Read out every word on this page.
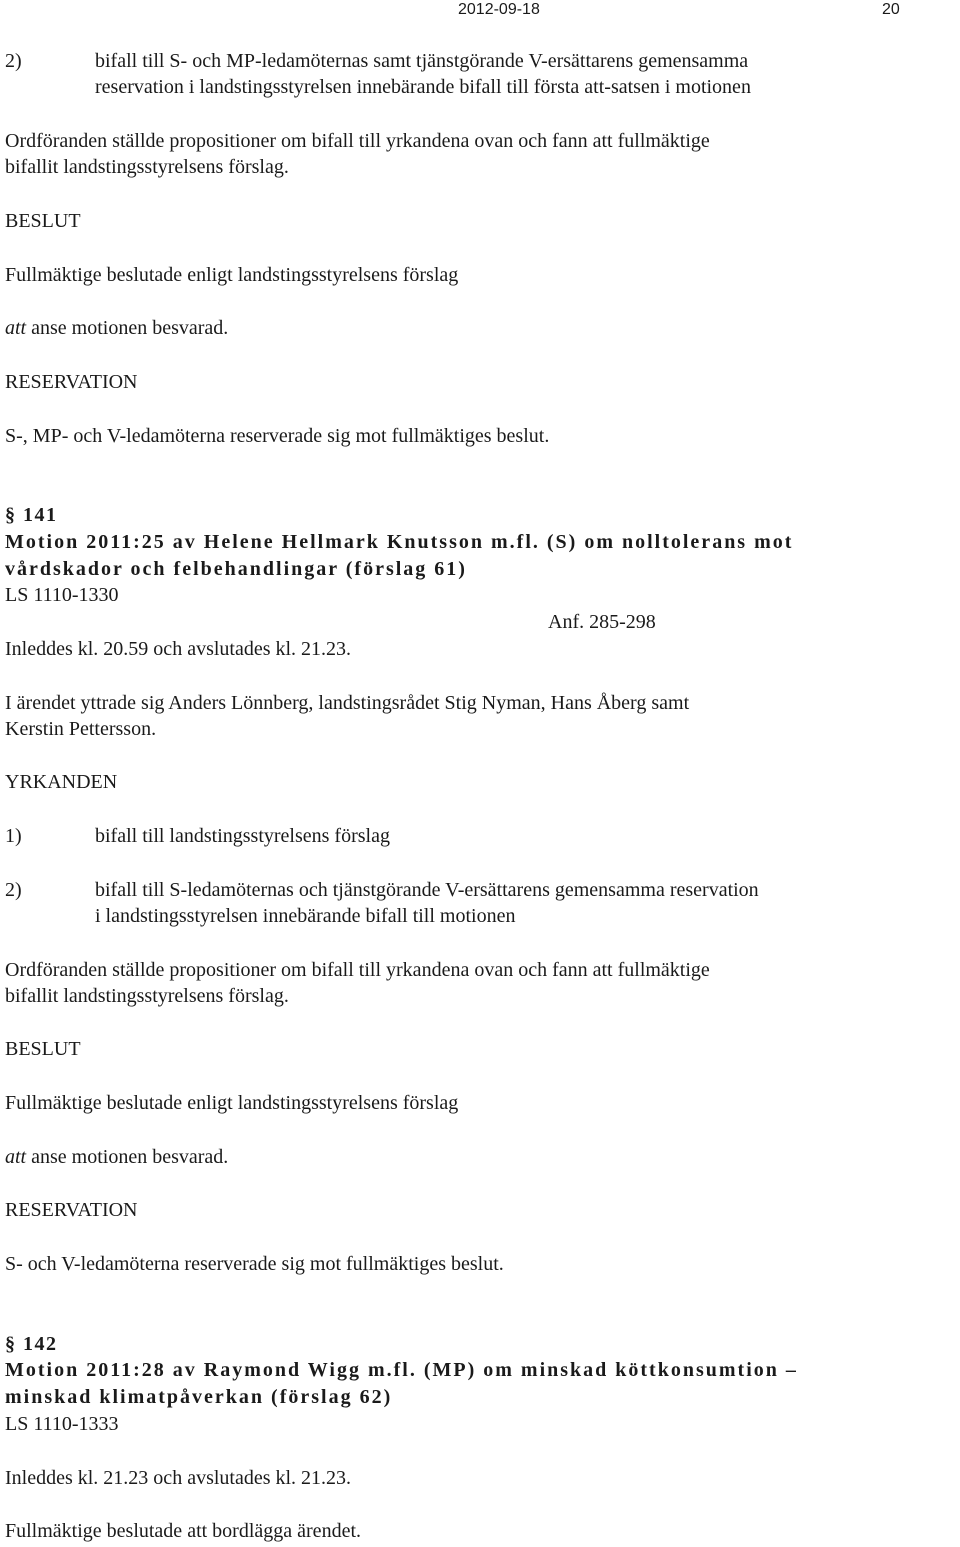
2012-09-18	20
2)	bifall till S- och MP-ledamöternas samt tjänstgörande V-ersättarens gemensamma
reservation i landstingsstyrelsen innebärande bifall till första att-satsen i motionen
Ordföranden ställde propositioner om bifall till yrkandena ovan och fann att fullmäktige
bifallit landstingsstyrelsens förslag.
BESLUT
Fullmäktige beslutade enligt landstingsstyrelsens förslag
att anse motionen besvarad.
RESERVATION
S-, MP- och V-ledamöterna reserverade sig mot fullmäktiges beslut.
§ 141
Motion 2011:25 av Helene Hellmark Knutsson m.fl. (S) om nolltolerans mot
vårdskador och felbehandlingar (förslag 61)
LS 1110-1330
Anf. 285-298
Inleddes kl. 20.59 och avslutades kl. 21.23.
I ärendet yttrade sig Anders Lönnberg, landstingsrådet Stig Nyman, Hans Åberg samt
Kerstin Pettersson.
YRKANDEN
1)	bifall till landstingsstyrelsens förslag
2)	bifall till S-ledamöternas och tjänstgörande V-ersättarens gemensamma reservation
i landstingsstyrelsen innebärande bifall till motionen
Ordföranden ställde propositioner om bifall till yrkandena ovan och fann att fullmäktige
bifallit landstingsstyrelsens förslag.
BESLUT
Fullmäktige beslutade enligt landstingsstyrelsens förslag
att anse motionen besvarad.
RESERVATION
S- och V-ledamöterna reserverade sig mot fullmäktiges beslut.
§ 142
Motion 2011:28 av Raymond Wigg m.fl. (MP) om minskad köttkonsumtion –
minskad klimatpåverkan (förslag 62)
LS 1110-1333
Inleddes kl. 21.23 och avslutades kl. 21.23.
Fullmäktige beslutade att bordlägga ärendet.
